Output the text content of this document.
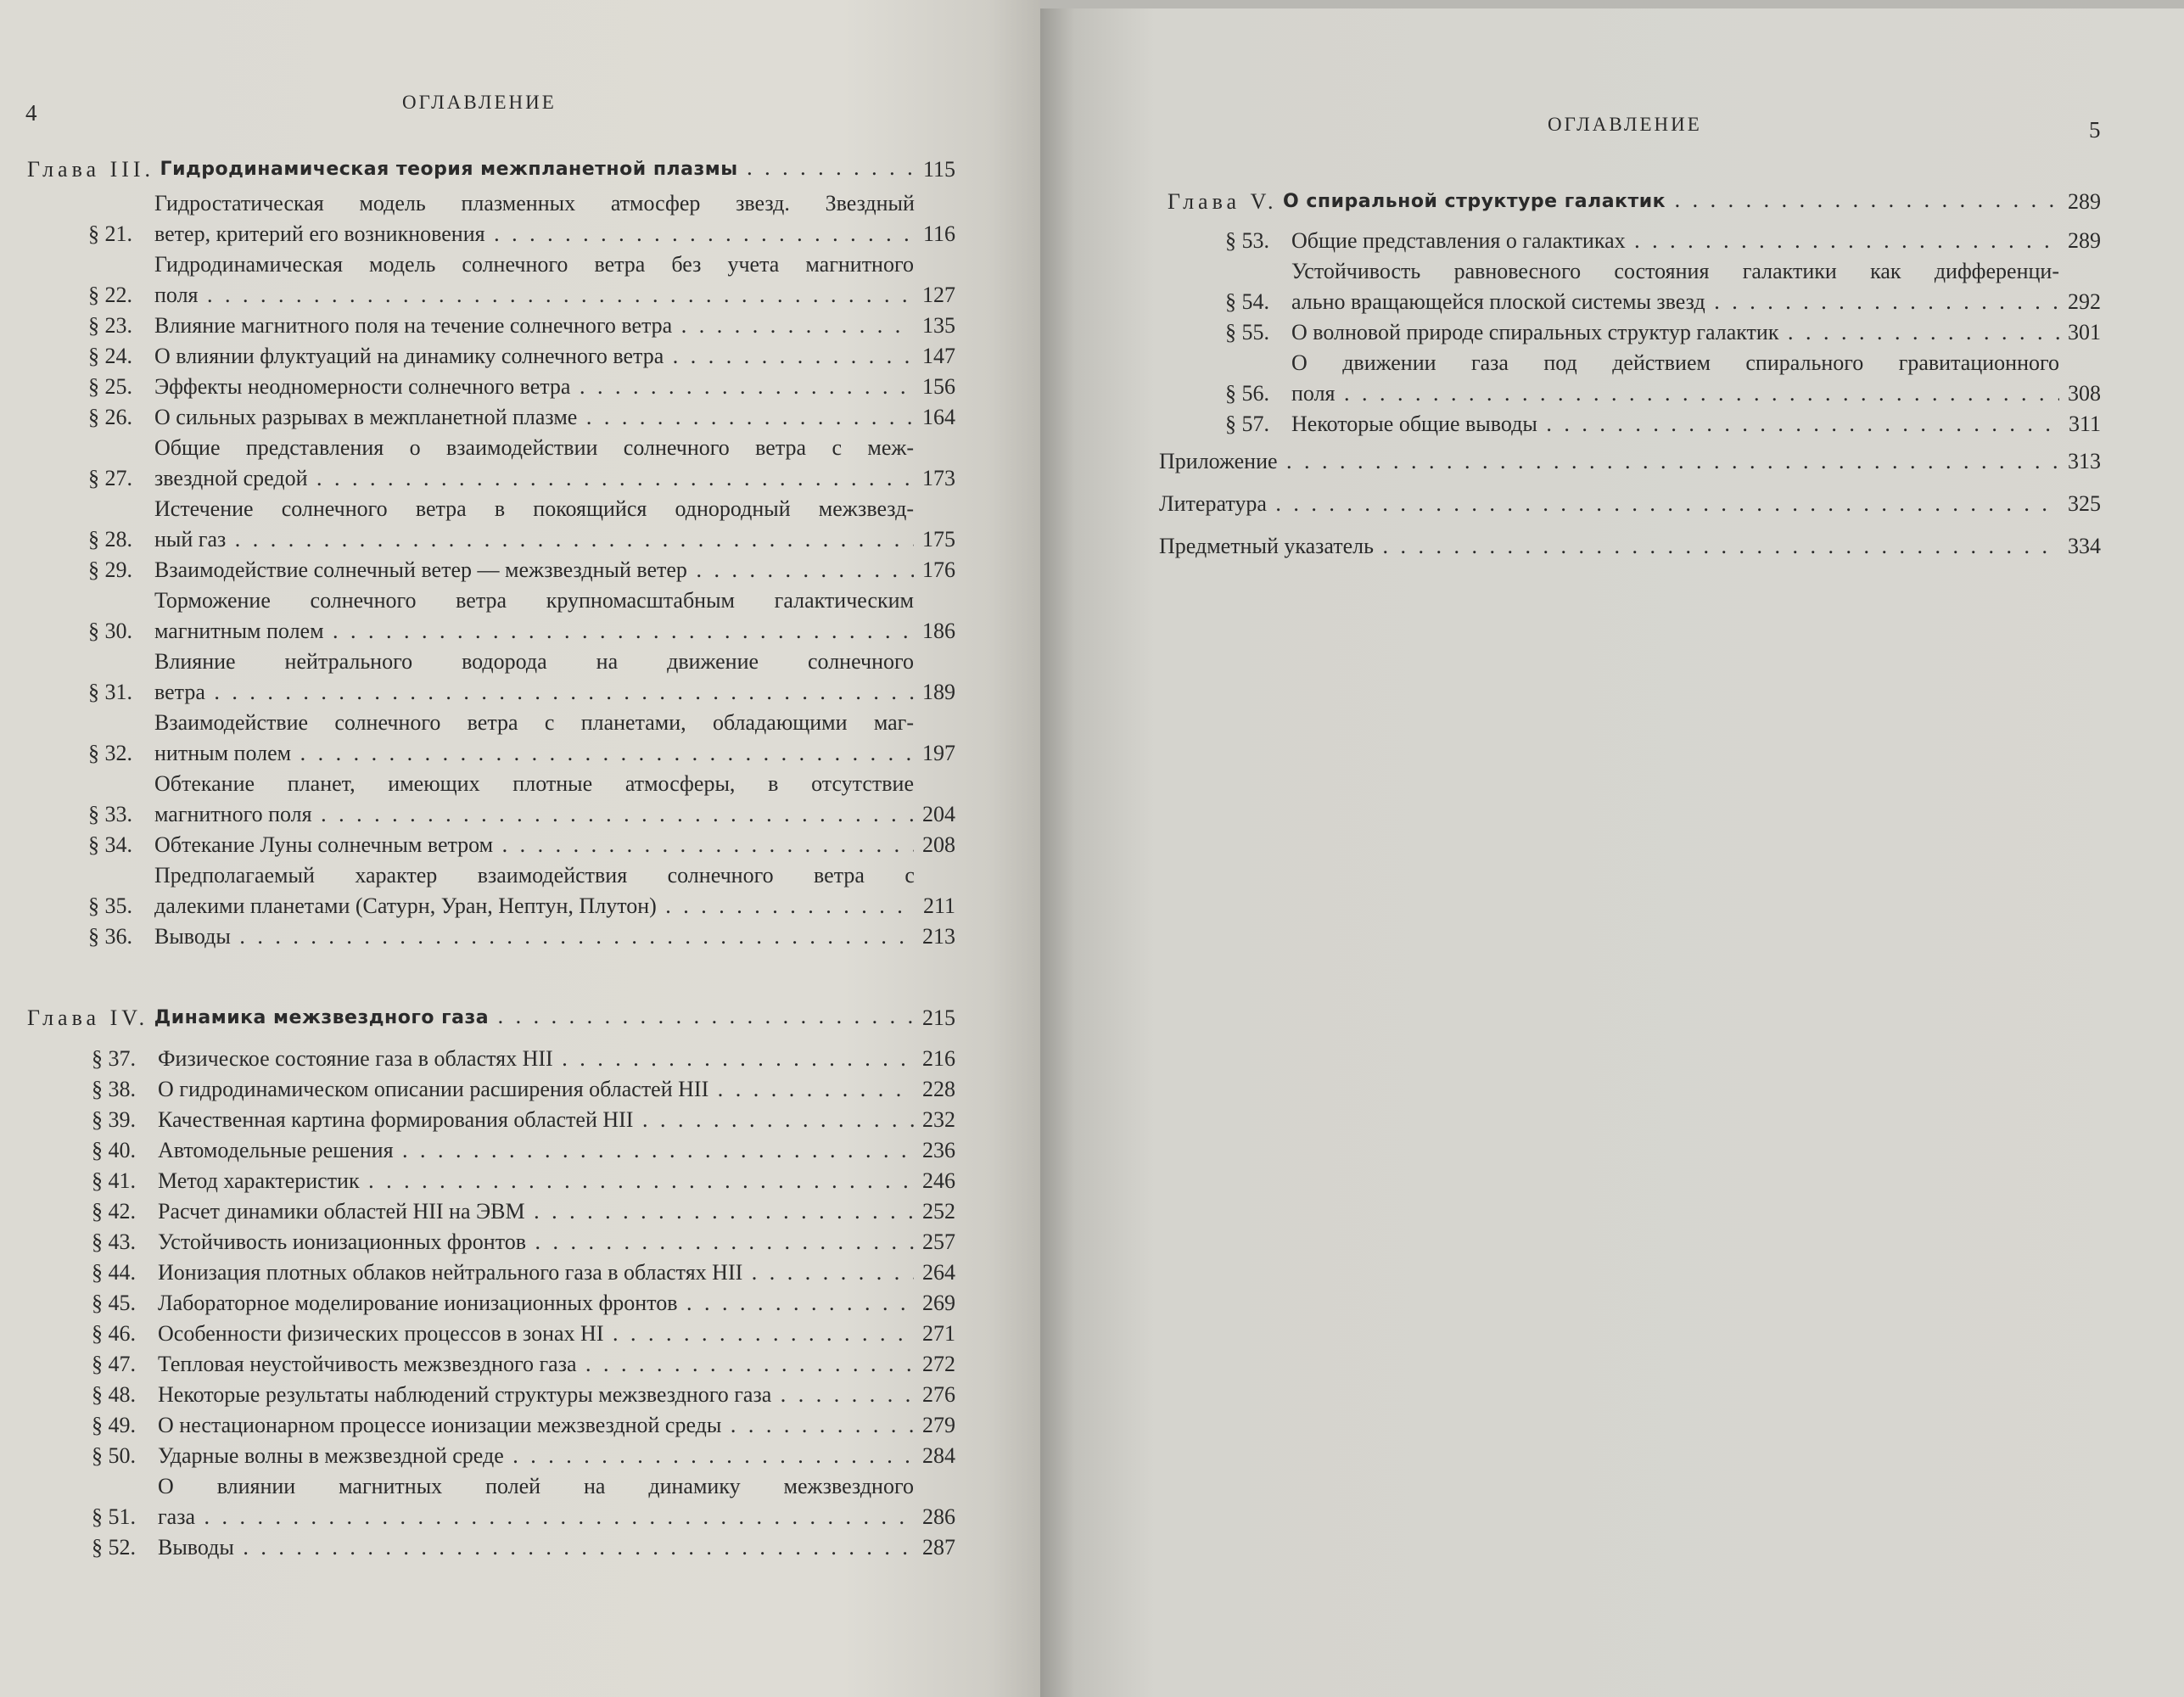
4	ОГЛАВЛЕНИЕ
Глава III. Гидродинамическая теория межпланетной плазмы . . .	115
§ 21.
Гидростатическая модель плазменных атмосфер звезд. Звездный
ветер, критерий его возникновения . . .	116
§ 22.
Гидродинамическая модель солнечного ветра без учета магнитного
поля . . .	127
§ 23.	Влияние магнитного поля на течение солнечного ветра . . .	135
§ 24.	О влиянии флуктуаций на динамику солнечного ветра . . .	147
§ 25.	Эффекты неодномерности солнечного ветра . . .	156
§ 26.	О сильных разрывах в межпланетной плазме . . .	164
§ 27.
Общие представления о взаимодействии солнечного ветра с меж-
звездной средой . . .	173
§ 28.
Истечение солнечного ветра в покоящийся однородный межзвезд-
ный газ . . .	175
§ 29.	Взаимодействие солнечный ветер — межзвездный ветер . . .	176
§ 30.
Торможение солнечного ветра крупномасштабным галактическим
магнитным полем . . .	186
§ 31.
Влияние нейтрального водорода на движение солнечного
ветра . . .	189
§ 32.
Взаимодействие солнечного ветра с планетами, обладающими маг-
нитным полем . . .	197
§ 33.
Обтекание планет, имеющих плотные атмосферы, в отсутствие
магнитного поля . . .	204
§ 34.	Обтекание Луны солнечным ветром . . .	208
§ 35.
Предполагаемый характер взаимодействия солнечного ветра с
далекими планетами (Сатурн, Уран, Нептун, Плутон) . . .	211
§ 36.	Выводы . . .	213
Глава IV. Динамика межзвездного газа . . .	215
§ 37.	Физическое состояние газа в областях HII . . .	216
§ 38.	О гидродинамическом описании расширения областей HII . . .	228
§ 39.	Качественная картина формирования областей HII . . .	232
§ 40.	Автомодельные решения . . .	236
§ 41.	Метод характеристик . . .	246
§ 42.	Расчет динамики областей HII на ЭВМ . . .	252
§ 43.	Устойчивость ионизационных фронтов . . .	257
§ 44.	Ионизация плотных облаков нейтрального газа в областях HII . . .	264
§ 45.	Лабораторное моделирование ионизационных фронтов . . .	269
§ 46.	Особенности физических процессов в зонах HI . . .	271
§ 47.	Тепловая неустойчивость межзвездного газа . . .	272
§ 48.	Некоторые результаты наблюдений структуры межзвездного газа . . .	276
§ 49.	О нестационарном процессе ионизации межзвездной среды . . .	279
§ 50.	Ударные волны в межзвездной среде . . .	284
§ 51.
О влиянии магнитных полей на динамику межзвездного
газа . . .	286
§ 52.	Выводы . . .	287
ОГЛАВЛЕНИЕ	5
Глава V. О спиральной структуре галактик . . .	289
§ 53.	Общие представления о галактиках . . .	289
§ 54.
Устойчивость равновесного состояния галактики как дифференци-
ально вращающейся плоской системы звезд . . .	292
§ 55.	О волновой природе спиральных структур галактик . . .	301
§ 56.
О движении газа под действием спирального гравитационного
поля . . .	308
§ 57.	Некоторые общие выводы . . .	311
Приложение . . .	313
Литература . . .	325
Предметный указатель . . .	334
